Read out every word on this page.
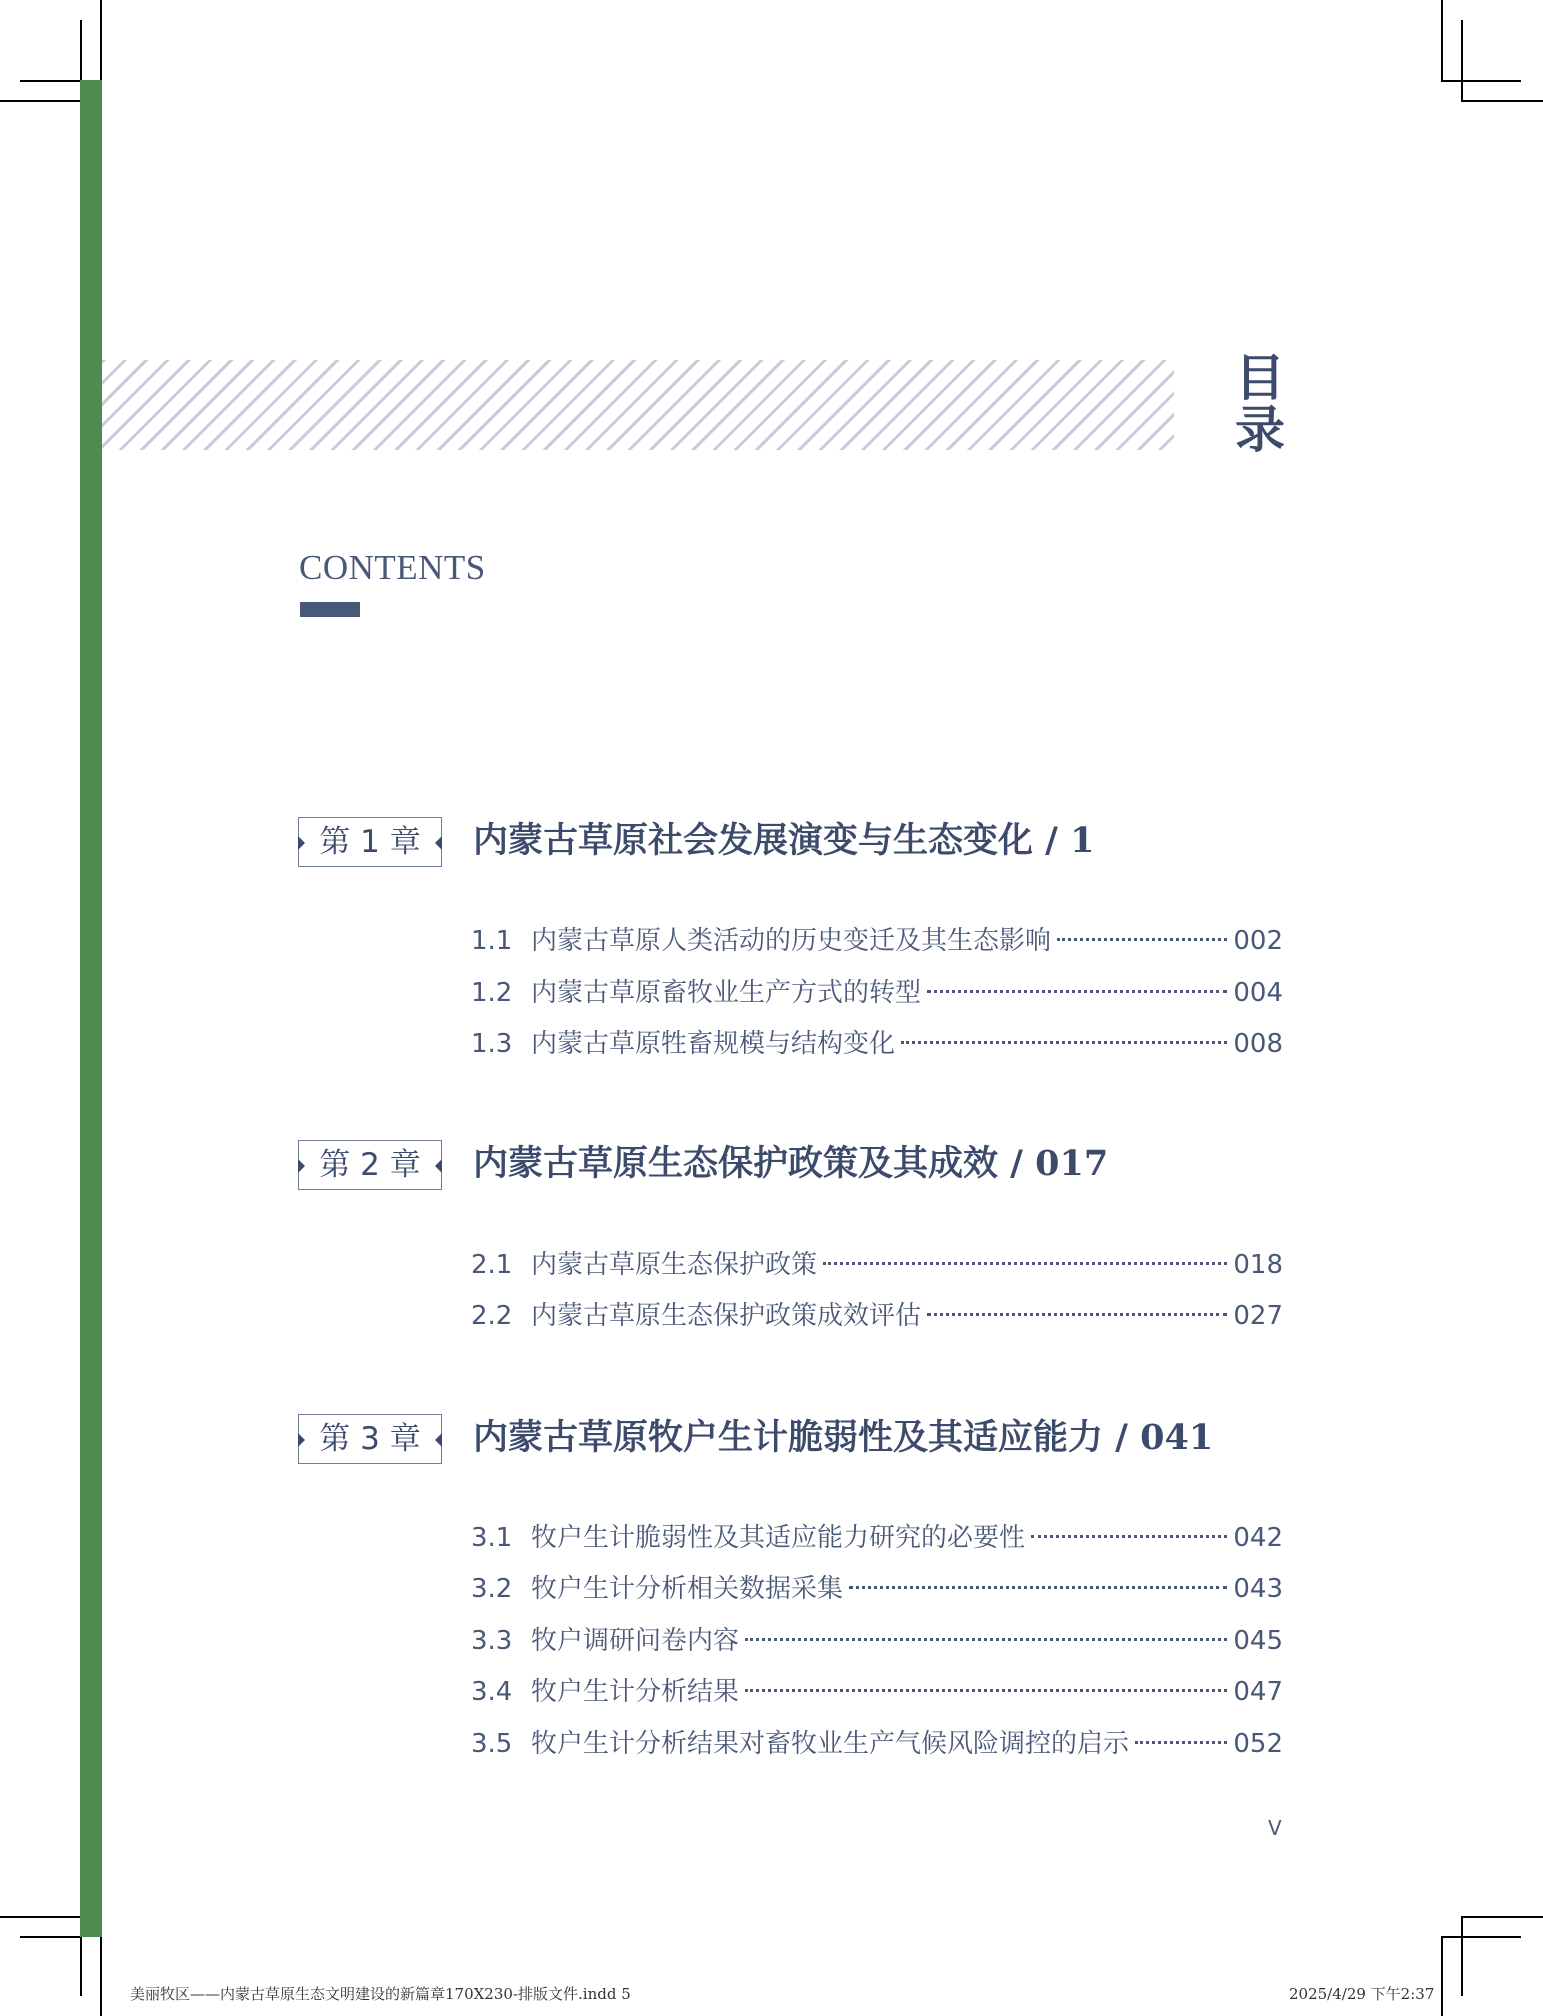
目录
CONTENTS
第 1 章	内蒙古草原社会发展演变与生态变化 / 1
1.1 内蒙古草原人类活动的历史变迁及其生态影响	002
1.2 内蒙古草原畜牧业生产方式的转型	004
1.3 内蒙古草原牲畜规模与结构变化	008
第 2 章	内蒙古草原生态保护政策及其成效 / 017
2.1 内蒙古草原生态保护政策	018
2.2 内蒙古草原生态保护政策成效评估	027
第 3 章	内蒙古草原牧户生计脆弱性及其适应能力 / 041
3.1 牧户生计脆弱性及其适应能力研究的必要性	042
3.2 牧户生计分析相关数据采集	043
3.3 牧户调研问卷内容	045
3.4 牧户生计分析结果	047
3.5 牧户生计分析结果对畜牧业生产气候风险调控的启示	052
V
美丽牧区——内蒙古草原生态文明建设的新篇章170X230-排版文件.indd 5	2025/4/29 下午2:37
